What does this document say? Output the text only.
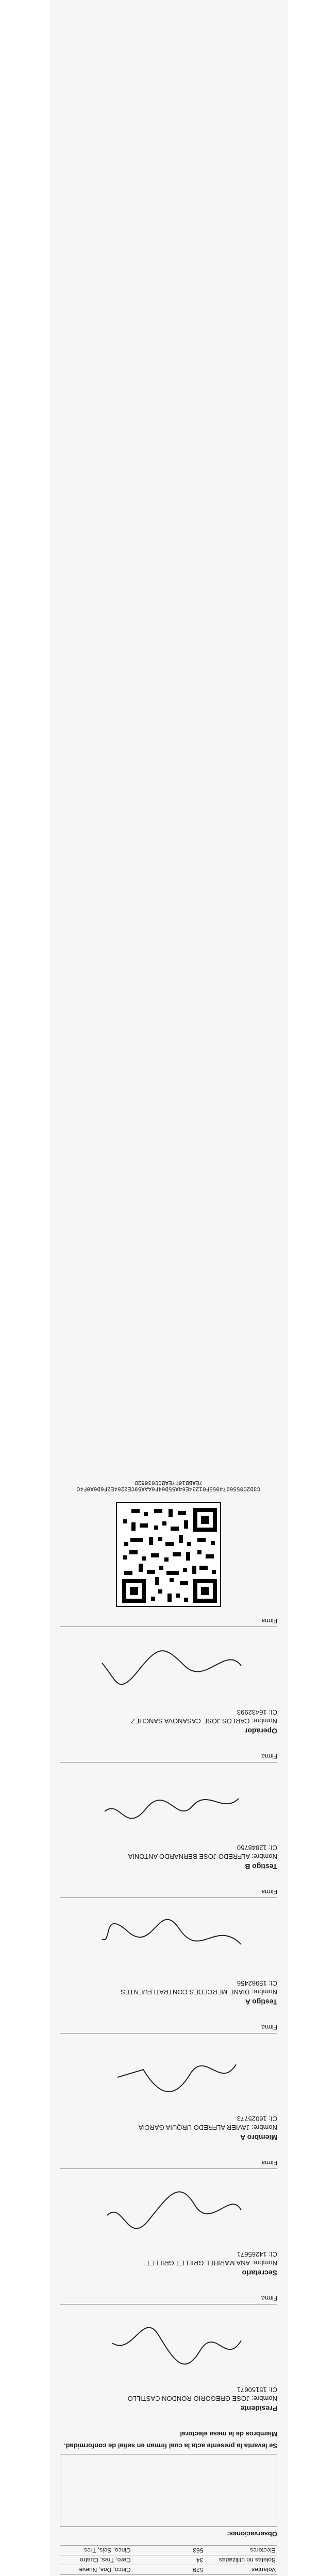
Votantes
529
Cinco, Dos, Nueve
Boletas no utilizadas
34
Cero, Tres, Cuatro
Electores
563
Cinco, Seis, Tres
Observaciones:
Se levanta la presente acta la cual firman en señal de conformidad.
Miembros de la mesa electoral
Presidente
Nombre: JOSE GREGORIO RONDON CASTILLO
CI: 15150671
Firma
Secretario
Nombre: ANA MARIBEL GRILLET GRILLET
CI: 14265671
Firma
Miembro A
Nombre: JAVIER ALFREDO URQUIA GARCIA
CI: 16025773
Firma
Testigo A
Nombre: DIANE MERCEDES CONTRATI FUENTES
CI: 15962456
Firma
Testigo B
Nombre: ALFREDO JOSE BERNARDO ANTONIA
CI: 12848750
Firma
Operador
Nombre: CARLOS JOSE CASANOVA SANCHEZ
CI: 16432993
Firma
C3D200556974055F01234E64A55D64F6AAA59CE2264E2F6D6A0F4C
7EABB16F7EABCC03662D
